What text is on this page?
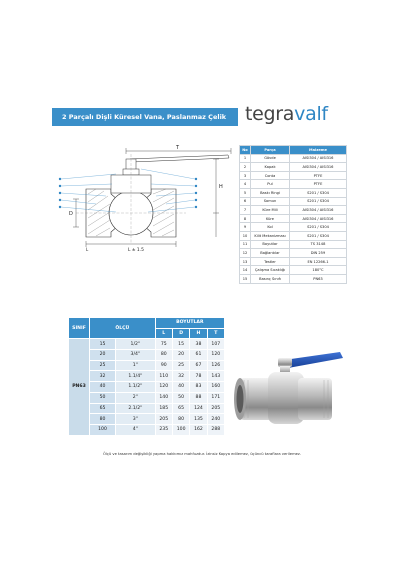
2 Parçalı Dişli Küresel Vana, Paslanmaz Çelik tegravalf
T
H
D
L	L ± 1.5
No	Parça	Malzeme
1	Gövde	AISI304 / AISI316
2	Kapak	AISI304 / AISI316
3	Conta	PTFE
4	Pul	PTFE
5	Baskı Ringi	S201 / S304
6	Somun	S201 / S304
7	Küre Mili	AISI304 / AISI316
8	Küre	AISI304 / AISI316
9	Kol	S201 / S304
10	Kilit Mekanizması	S201 / S304
11	Boyutlar	TS 3148
12	Bağlantılar	DIN 259
13	Testler	EN 12266-1
14	Çalışma Sıcaklığı	180°C
15	Basınç Sınıfı	PN63
SINIF	ÖLÇÜ		BOYUTLAR			
			L	D	H	T
PN63	15	1/2"	75	15	38	107
	20	3/4"	80	20	61	120
	25	1"	90	25	67	126
	32	1.1/4"	110	32	78	143
	40	1.1/2"	120	40	83	160
	50	2"	140	50	88	171
	65	2.1/2"	185	65	124	205
	80	3"	205	80	135	240
	100	4"	235	100	162	288
Ölçü ve tasarım değişikliği yapma hakkımız mahfuzdur. İzinsiz Kopya edilemez, üçüncü taraflara verilemez.
